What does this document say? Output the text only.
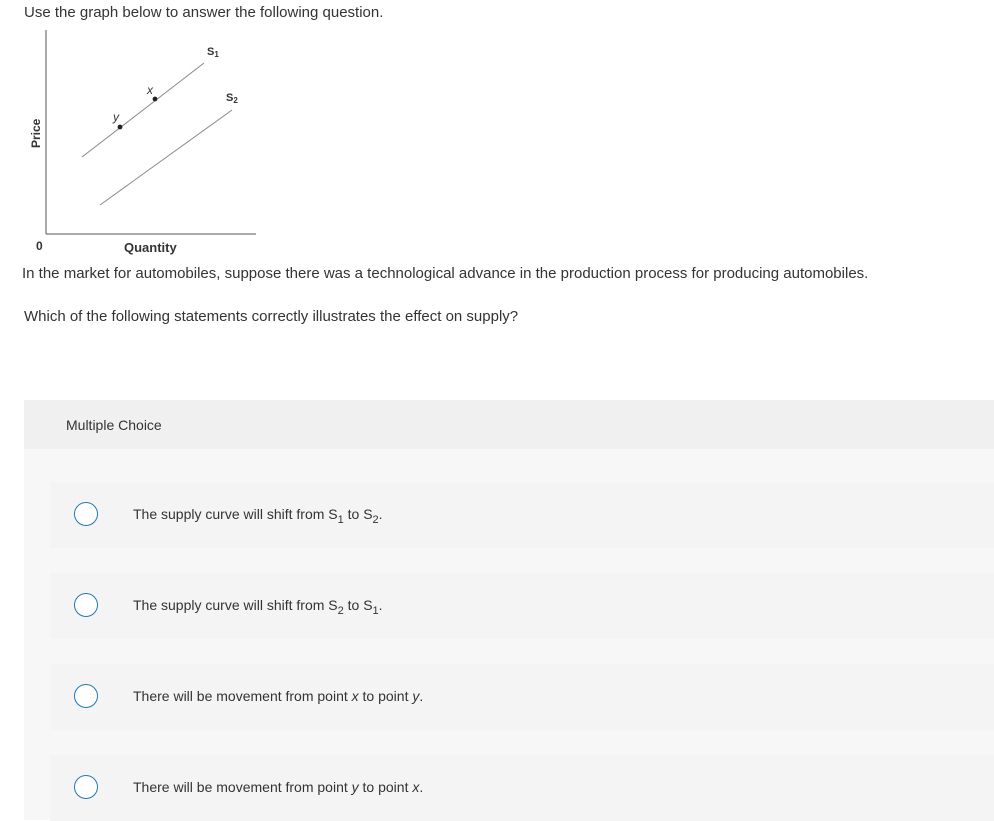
Use the graph below to answer the following question.
x
y
S1
S2
Price
0	Quantity
In the market for automobiles, suppose there was a technological advance in the production process for producing automobiles.
Which of the following statements correctly illustrates the effect on supply?
Multiple Choice
The supply curve will shift from $S_1$ to $S_2$.
The supply curve will shift from $S_2$ to $S_1$.
There will be movement from point x to point y.
There will be movement from point y to point x.
